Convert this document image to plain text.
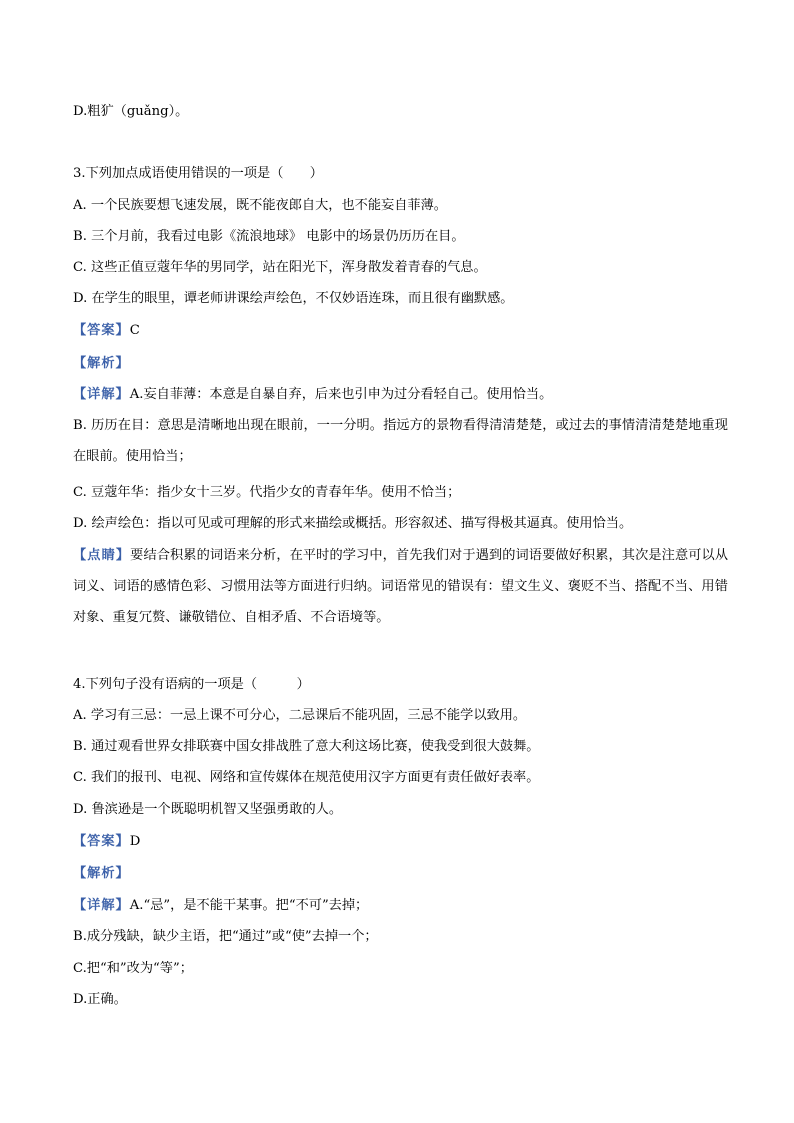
D.粗犷（guǎng）。
3.下列加点成语使用错误的一项是（　　）
A. 一个民族要想飞速发展，既不能夜郎自大，也不能妄自菲薄。
B. 三个月前，我看过电影《流浪地球》 电影中的场景仍历历在目。
C. 这些正值豆蔻年华的男同学，站在阳光下，浑身散发着青春的气息。
D. 在学生的眼里，谭老师讲课绘声绘色，不仅妙语连珠，而且很有幽默感。
【答案】C
【解析】
【详解】A.妄自菲薄：本意是自暴自弃，后来也引申为过分看轻自己。使用恰当。
B. 历历在目：意思是清晰地出现在眼前，一一分明。指远方的景物看得清清楚楚，或过去的事情清清楚楚地重现在眼前。使用恰当；
C. 豆蔻年华：指少女十三岁。代指少女的青春年华。使用不恰当；
D. 绘声绘色：指以可见或可理解的形式来描绘或概括。形容叙述、描写得极其逼真。使用恰当。
【点睛】要结合积累的词语来分析，在平时的学习中，首先我们对于遇到的词语要做好积累，其次是注意可以从词义、词语的感情色彩、习惯用法等方面进行归纳。词语常见的错误有：望文生义、褒贬不当、搭配不当、用错对象、重复冗赘、谦敬错位、自相矛盾、不合语境等。
4.下列句子没有语病的一项是（　　　）
A. 学习有三忌：一忌上课不可分心，二忌课后不能巩固，三忌不能学以致用。
B. 通过观看世界女排联赛中国女排战胜了意大利这场比赛，使我受到很大鼓舞。
C. 我们的报刊、电视、网络和宣传媒体在规范使用汉字方面更有责任做好表率。
D. 鲁滨逊是一个既聪明机智又坚强勇敢的人。
【答案】D
【解析】
【详解】A.“忌”，是不能干某事。把“不可”去掉；
B.成分残缺，缺少主语，把“通过”或“使”去掉一个；
C.把“和”改为“等”；
D.正确。
